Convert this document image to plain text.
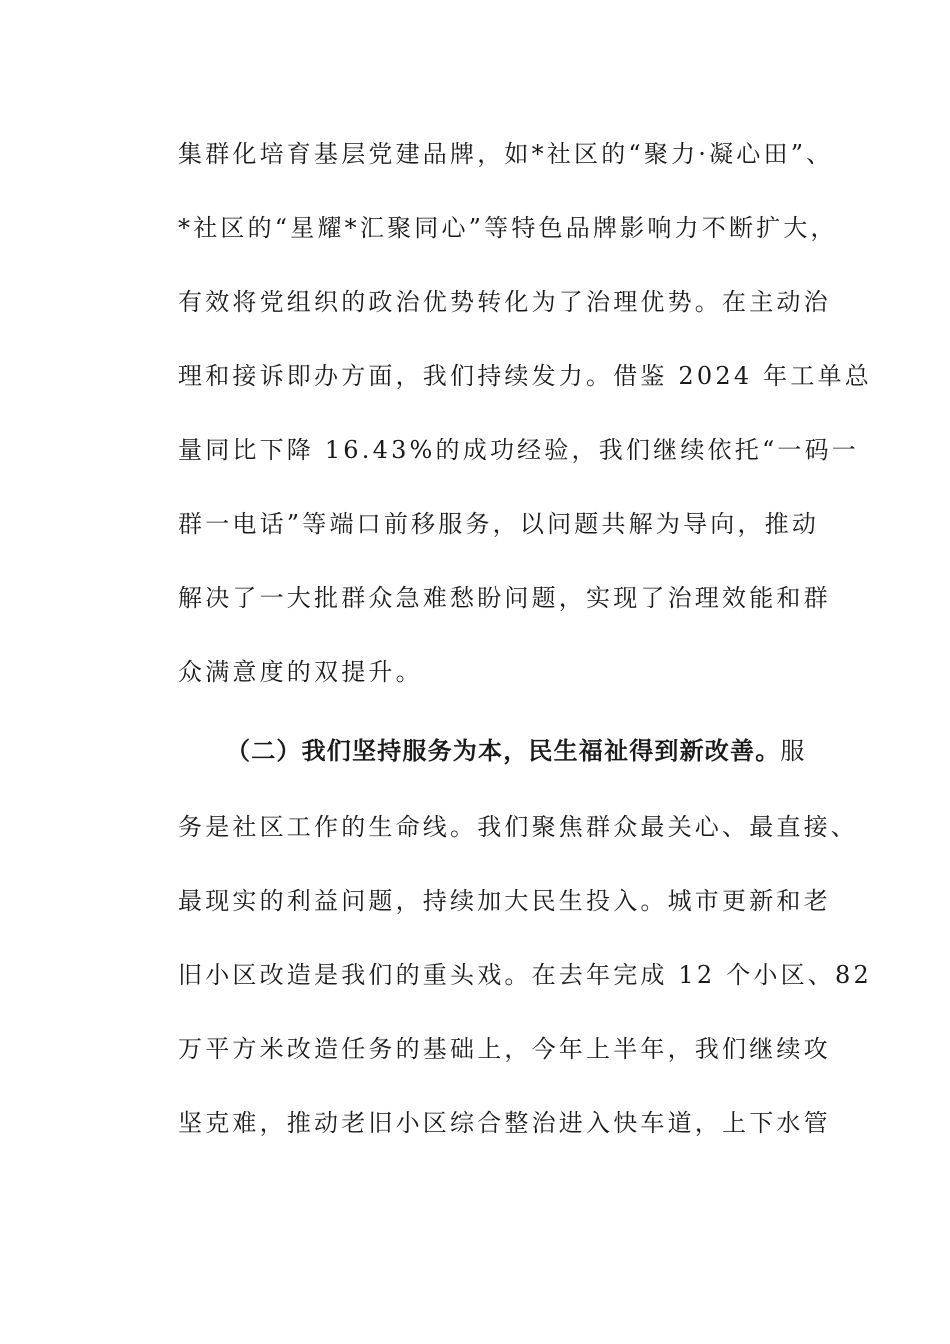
集群化培育基层党建品牌，如*社区的“聚力·凝心田”、
*社区的“星耀*汇聚同心”等特色品牌影响力不断扩大，
有效将党组织的政治优势转化为了治理优势。在主动治
理和接诉即办方面，我们持续发力。借鉴 2024 年工单总
量同比下降 16.43%的成功经验，我们继续依托“一码一
群一电话”等端口前移服务，以问题共解为导向，推动
解决了一大批群众急难愁盼问题，实现了治理效能和群
众满意度的双提升。
（二）我们坚持服务为本，民生福祉得到新改善。服
务是社区工作的生命线。我们聚焦群众最关心、最直接、
最现实的利益问题，持续加大民生投入。城市更新和老
旧小区改造是我们的重头戏。在去年完成 12 个小区、82
万平方米改造任务的基础上，今年上半年，我们继续攻
坚克难，推动老旧小区综合整治进入快车道，上下水管
